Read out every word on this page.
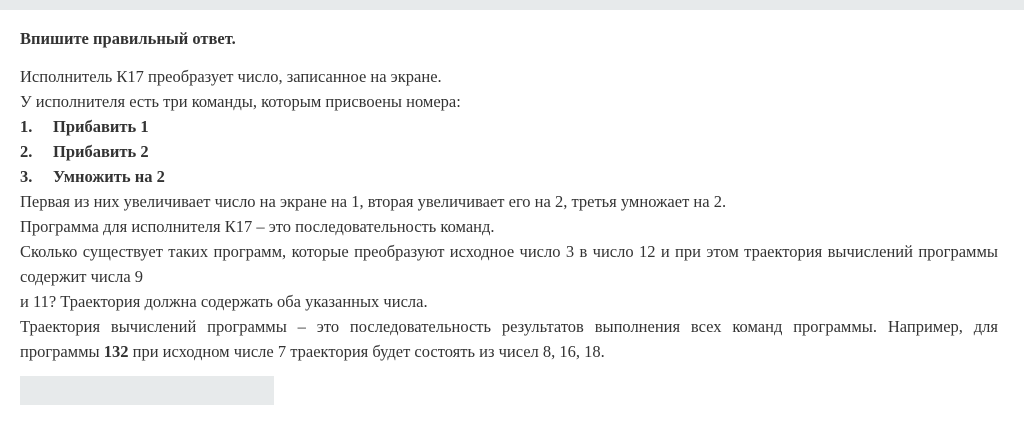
Впишите правильный ответ.

Исполнитель К17 преобразует число, записанное на экране.

У исполнителя есть три команды, которым присвоены номера:

1.	Прибавить 1
2.	Прибавить 2
3.	Умножить на 2

Первая из них увеличивает число на экране на 1, вторая увеличивает его на 2, третья умножает на 2.

Программа для исполнителя К17 – это последовательность команд.

Сколько существует таких программ, которые преобразуют исходное число 3 в число 12 и при этом траектория вычислений программы содержит числа 9

и 11? Траектория должна содержать оба указанных числа.

Траектория вычислений программы – это последовательность результатов выполнения всех команд программы. Например, для программы 132 при исходном числе 7 траектория будет состоять из чисел 8, 16, 18.
